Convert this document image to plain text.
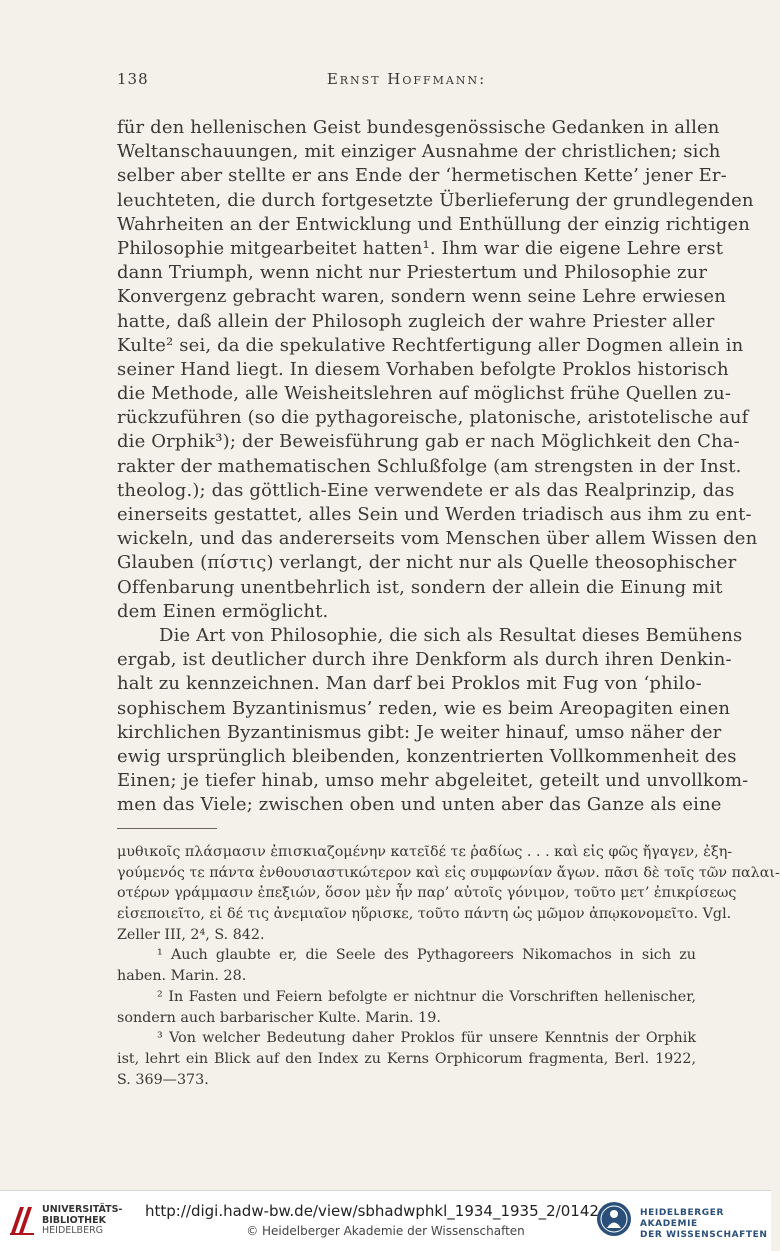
138	Ernst Hoffmann:
für den hellenischen Geist bundesgenössische Gedanken in allen
Weltanschauungen, mit einziger Ausnahme der christlichen; sich
selber aber stellte er ans Ende der ‘hermetischen Kette’ jener Er-
leuchteten, die durch fortgesetzte Überlieferung der grundlegenden
Wahrheiten an der Entwicklung und Enthüllung der einzig richtigen
Philosophie mitgearbeitet hatten¹. Ihm war die eigene Lehre erst
dann Triumph, wenn nicht nur Priestertum und Philosophie zur
Konvergenz gebracht waren, sondern wenn seine Lehre erwiesen
hatte, daß allein der Philosoph zugleich der wahre Priester aller
Kulte² sei, da die spekulative Rechtfertigung aller Dogmen allein in
seiner Hand liegt. In diesem Vorhaben befolgte Proklos historisch
die Methode, alle Weisheitslehren auf möglichst frühe Quellen zu-
rückzuführen (so die pythagoreische, platonische, aristotelische auf
die Orphik³); der Beweisführung gab er nach Möglichkeit den Cha-
rakter der mathematischen Schlußfolge (am strengsten in der Inst.
theolog.); das göttlich-Eine verwendete er als das Realprinzip, das
einerseits gestattet, alles Sein und Werden triadisch aus ihm zu ent-
wickeln, und das andererseits vom Menschen über allem Wissen den
Glauben (πίστις) verlangt, der nicht nur als Quelle theosophischer
Offenbarung unentbehrlich ist, sondern der allein die Einung mit
dem Einen ermöglicht.
Die Art von Philosophie, die sich als Resultat dieses Bemühens
ergab, ist deutlicher durch ihre Denkform als durch ihren Denkin-
halt zu kennzeichnen. Man darf bei Proklos mit Fug von ‘philo-
sophischem Byzantinismus’ reden, wie es beim Areopagiten einen
kirchlichen Byzantinismus gibt: Je weiter hinauf, umso näher der
ewig ursprünglich bleibenden, konzentrierten Vollkommenheit des
Einen; je tiefer hinab, umso mehr abgeleitet, geteilt und unvollkom-
men das Viele; zwischen oben und unten aber das Ganze als eine
μυθικοῖς πλάσμασιν ἐπισκιαζομένην κατεῖδέ τε ῥαδίως . . . καὶ εἰς φῶς ἤγαγεν, ἐξη-
γούμενός τε πάντα ἐνθουσιαστικώτερον καὶ εἰς συμφωνίαν ἄγων. πᾶσι δὲ τοῖς τῶν παλαι-
οτέρων γράμμασιν ἐπεξιών, ὅσον μὲν ἦν παρ’ αὐτοῖς γόνιμον, τοῦτο μετ’ ἐπικρίσεως
εἰσεποιεῖτο, εἰ δέ τις ἀνεμιαῖον ηὕρισκε, τοῦτο πάντη ὡς μῶμον ἀπῳκονομεῖτο. Vgl.
Zeller III, 2⁴, S. 842.
¹ Auch glaubte er, die Seele des Pythagoreers Nikomachos in sich zu
haben. Marin. 28.
² In Fasten und Feiern befolgte er nichtnur die Vorschriften hellenischer,
sondern auch barbarischer Kulte. Marin. 19.
³ Von welcher Bedeutung daher Proklos für unsere Kenntnis der Orphik
ist, lehrt ein Blick auf den Index zu Kerns Orphicorum fragmenta, Berl. 1922,
S. 369—373.
UNIVERSITÄTS-
BIBLIOTHEK
HEIDELBERG
http://digi.hadw-bw.de/view/sbhadwphkl_1934_1935_2/0142
© Heidelberger Akademie der Wissenschaften
HEIDELBERGER AKADEMIE
DER WISSENSCHAFTEN
